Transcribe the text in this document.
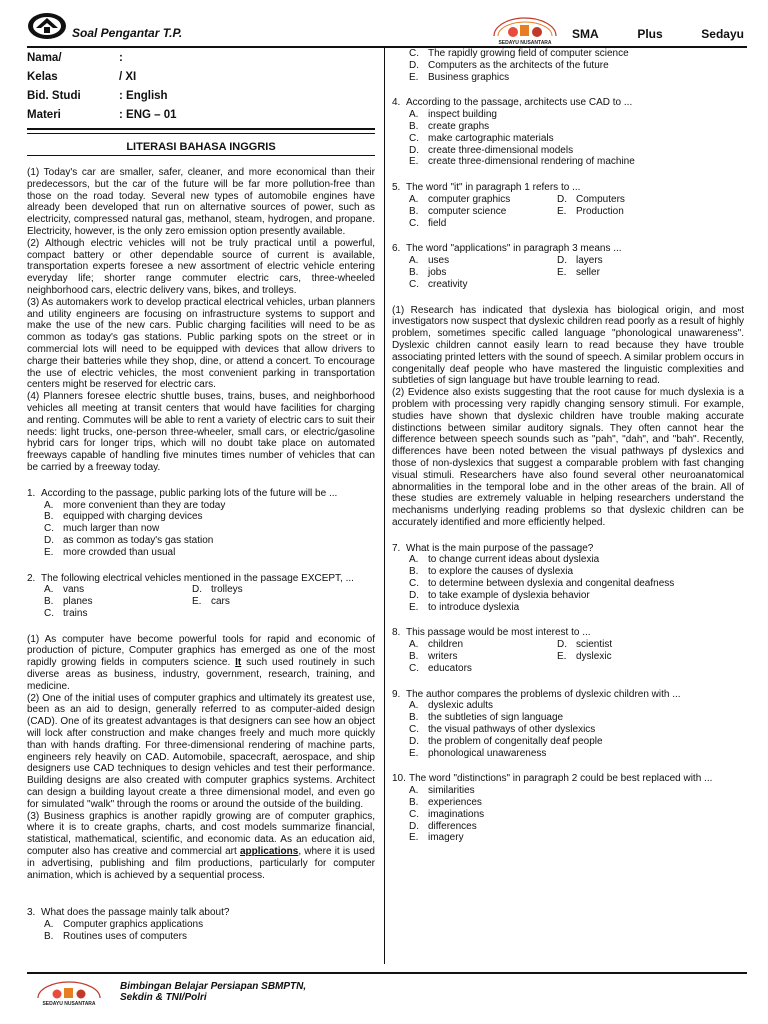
Soal Pengantar T.P.
SEDAYU NUSANTARA
SMA	Plus	Sedayu
Nama/	:
Kelas	/ XI
Bid. Studi	: English
Materi	: ENG – 01
LITERASI BAHASA INGGRIS
(1) Today's car are smaller, safer, cleaner, and more economical than their predecessors, but the car of the future will be far more pollution-free than those on the road today. Several new types of automobile engines have already been developed that run on alternative sources of power, such as electricity, compressed natural gas, methanol, steam, hydrogen, and propane. Electricity, however, is the only zero emission option presently available.
(2) Although electric vehicles will not be truly practical until a powerful, compact battery or other dependable source of current is available, transportation experts foresee a new assortment of electric vehicle entering everyday life; shorter range commuter electric cars, three-wheeled neighborhood cars, electric delivery vans, bikes, and trolleys.
(3) As automakers work to develop practical electrical vehicles, urban planners and utility engineers are focusing on infrastructure systems to support and make the use of the new cars. Public charging facilities will need to be as common as today's gas stations. Public parking spots on the street or in commercial lots will need to be equipped with devices that allow drivers to charge their batteries while they shop, dine, or attend a concert. To encourage the use of electric vehicles, the most convenient parking in transportation centers might be reserved for electric cars.
(4) Planners foresee electric shuttle buses, trains, buses, and neighborhood vehicles all meeting at transit centers that would have facilities for charging and renting. Commutes will be able to rent a variety of electric cars to suit their needs: light trucks, one-person three-wheeler, small cars, or electric/gasoline hybrid cars for longer trips, which will no doubt take place on automated freeways capable of handling five minutes times number of vehicles that can be carried by a freeway today.
1. According to the passage, public parking lots of the future will be ...
A. more convenient than they are today
B. equipped with charging devices
C. much larger than now
D. as common as today's gas station
E. more crowded than usual
2. The following electrical vehicles mentioned in the passage EXCEPT, ...
A. vans	D. trolleys
B. planes	E. cars
C. trains
(1) As computer have become powerful tools for rapid and economic of production of picture, Computer graphics has emerged as one of the most rapidly growing fields in computers science. It such used routinely in such diverse areas as business, industry, government, research, training, and medicine.
(2) One of the initial uses of computer graphics and ultimately its greatest use, been as an aid to design, generally referred to as computer-aided design (CAD). One of its greatest advantages is that designers can see how an object will lock after construction and make changes freely and much more quickly than with hands drafting. For three-dimensional rendering of machine parts, engineers rely heavily on CAD. Automobile, spacecraft, aerospace, and ship designers use CAD techniques to design vehicles and test their performance. Building designs are also created with computer graphics systems. Architect can design a building layout create a three dimensional model, and even go for simulated "walk" through the rooms or around the outside of the building.
(3) Business graphics is another rapidly growing are of computer graphics, where it is to create graphs, charts, and cost models summarize financial, statistical, mathematical, scientific, and economic data. As an education aid, computer also has creative and commercial art applications, where it is used in advertising, publishing and film productions, particularly for computer animation, which is achieved by a sequential process.
3. What does the passage mainly talk about?
A. Computer graphics applications
B. Routines uses of computers
C. The rapidly growing field of computer science
D. Computers as the architects of the future
E. Business graphics
4. According to the passage, architects use CAD to ...
A. inspect building
B. create graphs
C. make cartographic materials
D. create three-dimensional models
E. create three-dimensional rendering of machine
5. The word "it" in paragraph 1 refers to ...
A. computer graphics	D. Computers
B. computer science	E. Production
C. field
6. The word "applications" in paragraph 3 means ...
A. uses	D. layers
B. jobs	E. seller
C. creativity
(1) Research has indicated that dyslexia has biological origin, and most investigators now suspect that dyslexic children read poorly as a result of highly problem, sometimes specific called language "phonological unawareness". Dyslexic children cannot easily learn to read because they have trouble associating printed letters with the sound of speech. A similar problem occurs in congenitally deaf people who have mastered the linguistic complexities and subtleties of sign language but have trouble learning to read.
(2) Evidence also exists suggesting that the root cause for much dyslexia is a problem with processing very rapidly changing sensory stimuli. For example, studies have shown that dyslexic children have trouble making accurate distinctions between similar auditory signals. They often cannot hear the difference between speech sounds such as "pah", "dah", and "bah". Recently, differences have been noted between the visual pathways pf dyslexics and those of non-dyslexics that suggest a comparable problem with fast changing visual stimuli. Researchers have also found several other neuroanatomical abnormalities in the temporal lobe and in the other areas of the brain. All of these studies are extremely valuable in helping researchers understand the mechanisms underlying reading problems so that dyslexic children can be accurately identified and more efficiently helped.
7. What is the main purpose of the passage?
A. to change current ideas about dyslexia
B. to explore the causes of dyslexia
C. to determine between dyslexia and congenital deafness
D. to take example of dyslexia behavior
E. to introduce dyslexia
8. This passage would be most interest to ...
A. children	D. scientist
B. writers	E. dyslexic
C. educators
9. The author compares the problems of dyslexic children with ...
A. dyslexic adults
B. the subtleties of sign language
C. the visual pathways of other dyslexics
D. the problem of congenitally deaf people
E. phonological unawareness
10. The word "distinctions" in paragraph 2 could be best replaced with ...
A. similarities
B. experiences
C. imaginations
D. differences
E. imagery
SEDAYU NUSANTARA
Bimbingan Belajar Persiapan SBMPTN,
Sekdin & TNI/Polri
